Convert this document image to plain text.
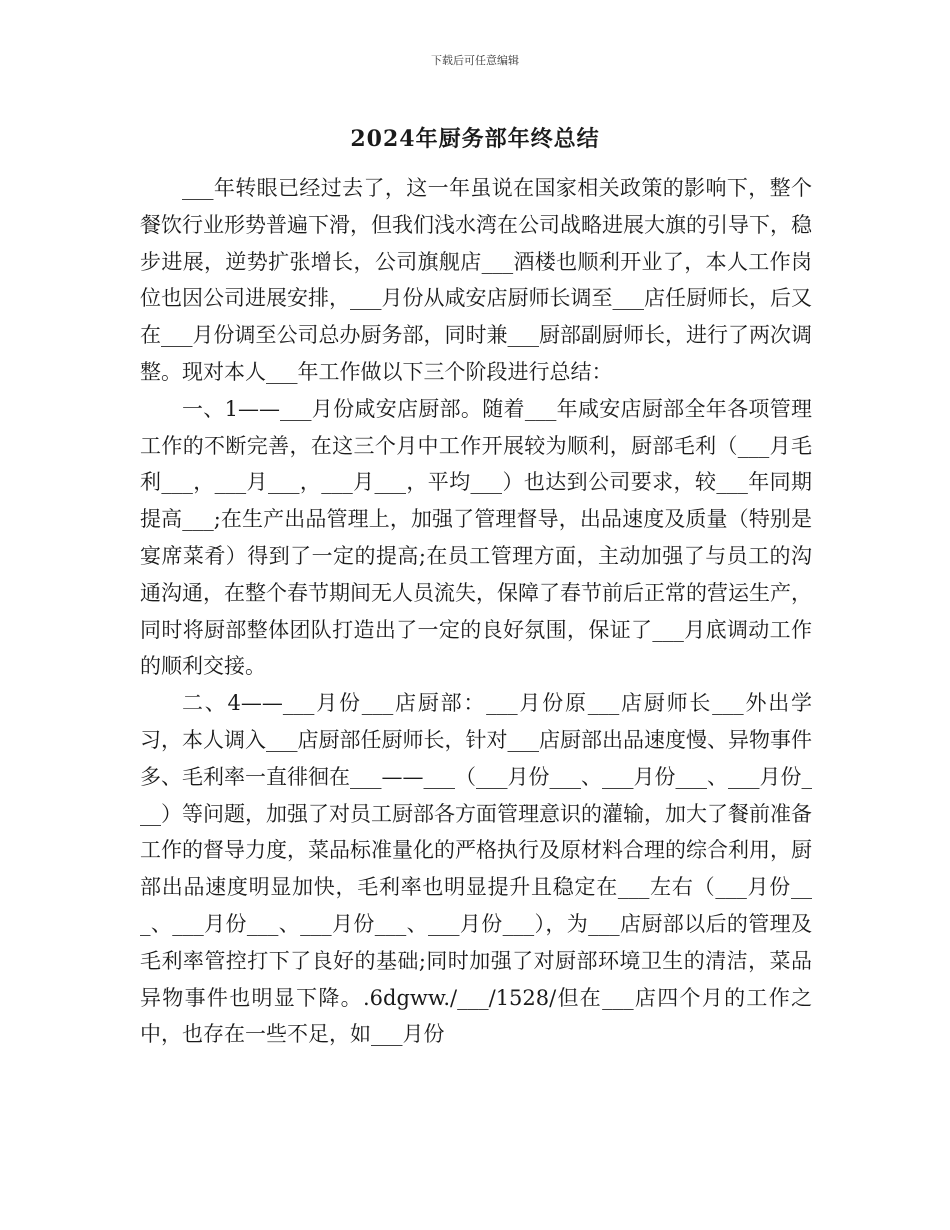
下载后可任意编辑
2024年厨务部年终总结

___年转眼已经过去了，这一年虽说在国家相关政策的影响下，整个餐饮行业形势普遍下滑，但我们浅水湾在公司战略进展大旗的引导下，稳步进展，逆势扩张增长，公司旗舰店___酒楼也顺利开业了，本人工作岗位也因公司进展安排，___月份从咸安店厨师长调至___店任厨师长，后又在___月份调至公司总办厨务部，同时兼___厨部副厨师长，进行了两次调整。现对本人___年工作做以下三个阶段进行总结：

一、1——___月份咸安店厨部。随着___年咸安店厨部全年各项管理工作的不断完善，在这三个月中工作开展较为顺利，厨部毛利（___月毛利___，___月___，___月___，平均___）也达到公司要求，较___年同期提高___;在生产出品管理上，加强了管理督导，出品速度及质量（特别是宴席菜肴）得到了一定的提高;在员工管理方面，主动加强了与员工的沟通沟通，在整个春节期间无人员流失，保障了春节前后正常的营运生产，同时将厨部整体团队打造出了一定的良好氛围，保证了___月底调动工作的顺利交接。

二、4——___月份___店厨部：___月份原___店厨师长___外出学习，本人调入___店厨部任厨师长，针对___店厨部出品速度慢、异物事件多、毛利率一直徘徊在___——___（___月份___、___月份___、___月份___）等问题，加强了对员工厨部各方面管理意识的灌输，加大了餐前准备工作的督导力度，菜品标准量化的严格执行及原材料合理的综合利用，厨部出品速度明显加快，毛利率也明显提升且稳定在___左右（___月份___、___月份___、___月份___、___月份___），为___店厨部以后的管理及毛利率管控打下了良好的基础;同时加强了对厨部环境卫生的清洁，菜品异物事件也明显下降。.6dgww./___/1528/但在___店四个月的工作之中，也存在一些不足，如___月份
